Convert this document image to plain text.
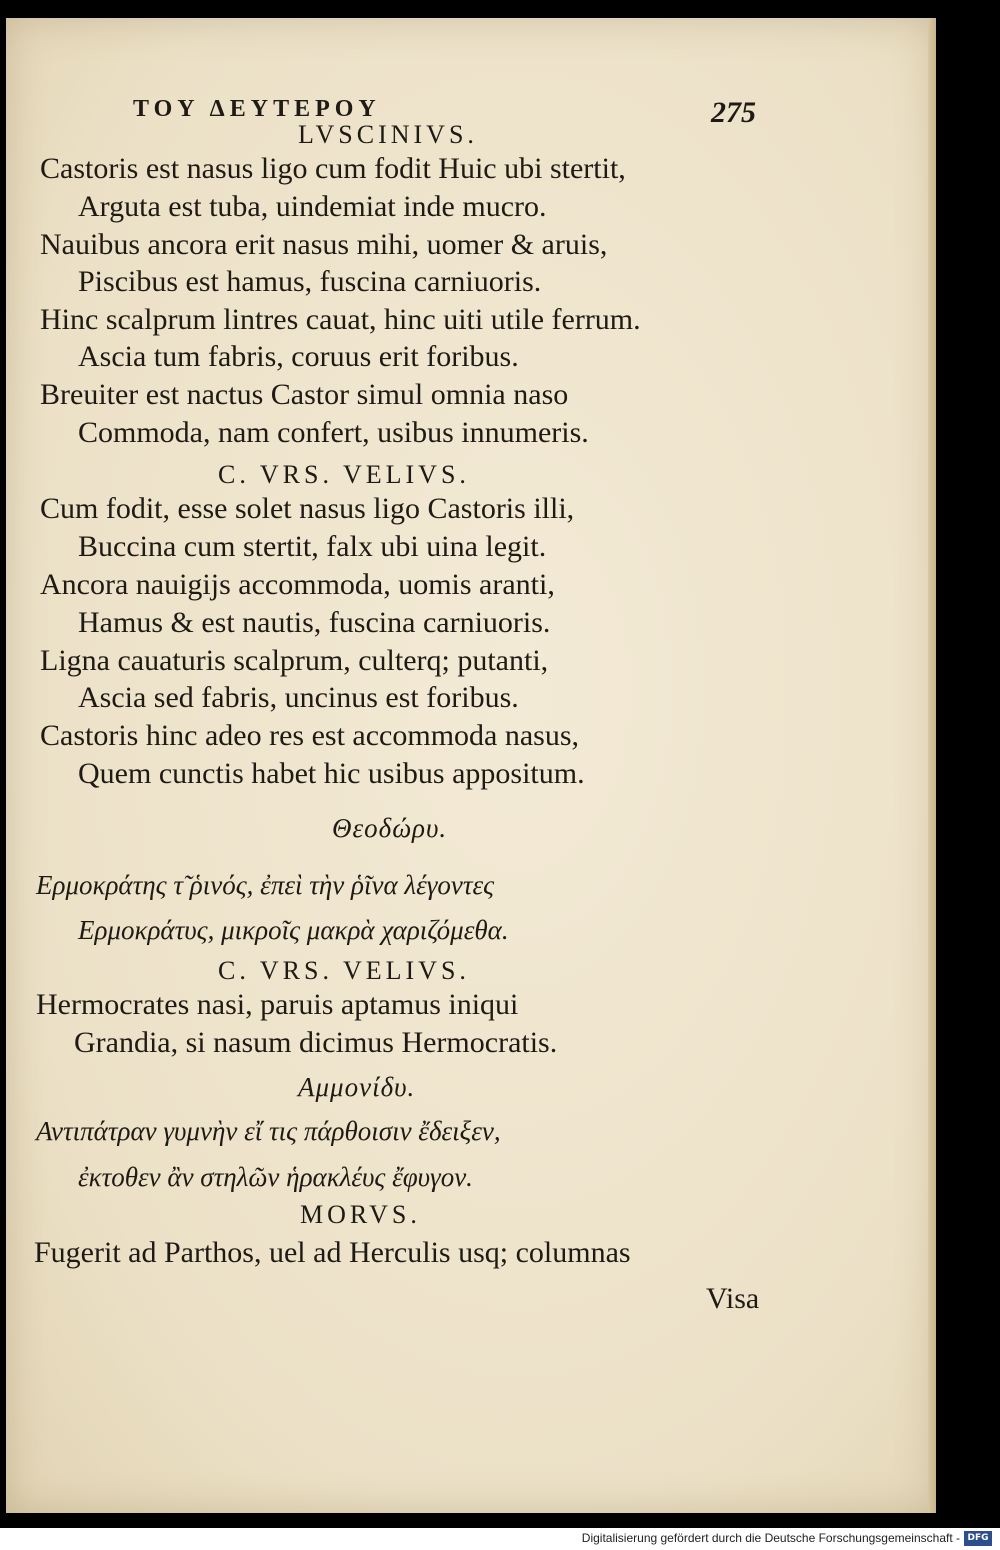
TOY ΔEYTEPOY	275
LVSCINIVS.
Castoris est nasus ligo cum fodit Huic ubi stertit,
Arguta est tuba, uindemiat inde mucro.
Nauibus ancora erit nasus mihi, uomer & aruis,
Piscibus est hamus, fuscina carniuoris.
Hinc scalprum lintres cauat, hinc uiti utile ferrum.
Ascia tum fabris, coruus erit foribus.
Breuiter est nactus Castor simul omnia naso
Commoda, nam confert, usibus innumeris.
C. VRS. VELIVS.
Cum fodit, esse solet nasus ligo Castoris illi,
Buccina cum stertit, falx ubi uina legit.
Ancora nauigijs accommoda, uomis aranti,
Hamus & est nautis, fuscina carniuoris.
Ligna cauaturis scalprum, culterq; putanti,
Ascia sed fabris, uncinus est foribus.
Castoris hinc adeo res est accommoda nasus,
Quem cunctis habet hic usibus appositum.
Θεοδώρυ.
Ερμοκράτης τ̃ ῥινός, ἐπεὶ τὴν ῥῖνα λέγοντες
Ερμοκράτυς, μικροῖς μακρὰ χαριζόμεθα.
C. VRS. VELIVS.
Hermocrates nasi, paruis aptamus iniqui
Grandia, si nasum dicimus Hermocratis.
Αμμονίδυ.
Αντιπάτραν γυμνὴν εἴ τις πάρθοισιν ἔδειξεν,
ἐκτοθεν ἂν στηλῶν ἡρακλέυς ἔφυγον.
MORVS.
Fugerit ad Parthos, uel ad Herculis usq; columnas
Visa
Digitalisierung gefördert durch die Deutsche Forschungsgemeinschaft - DFG
